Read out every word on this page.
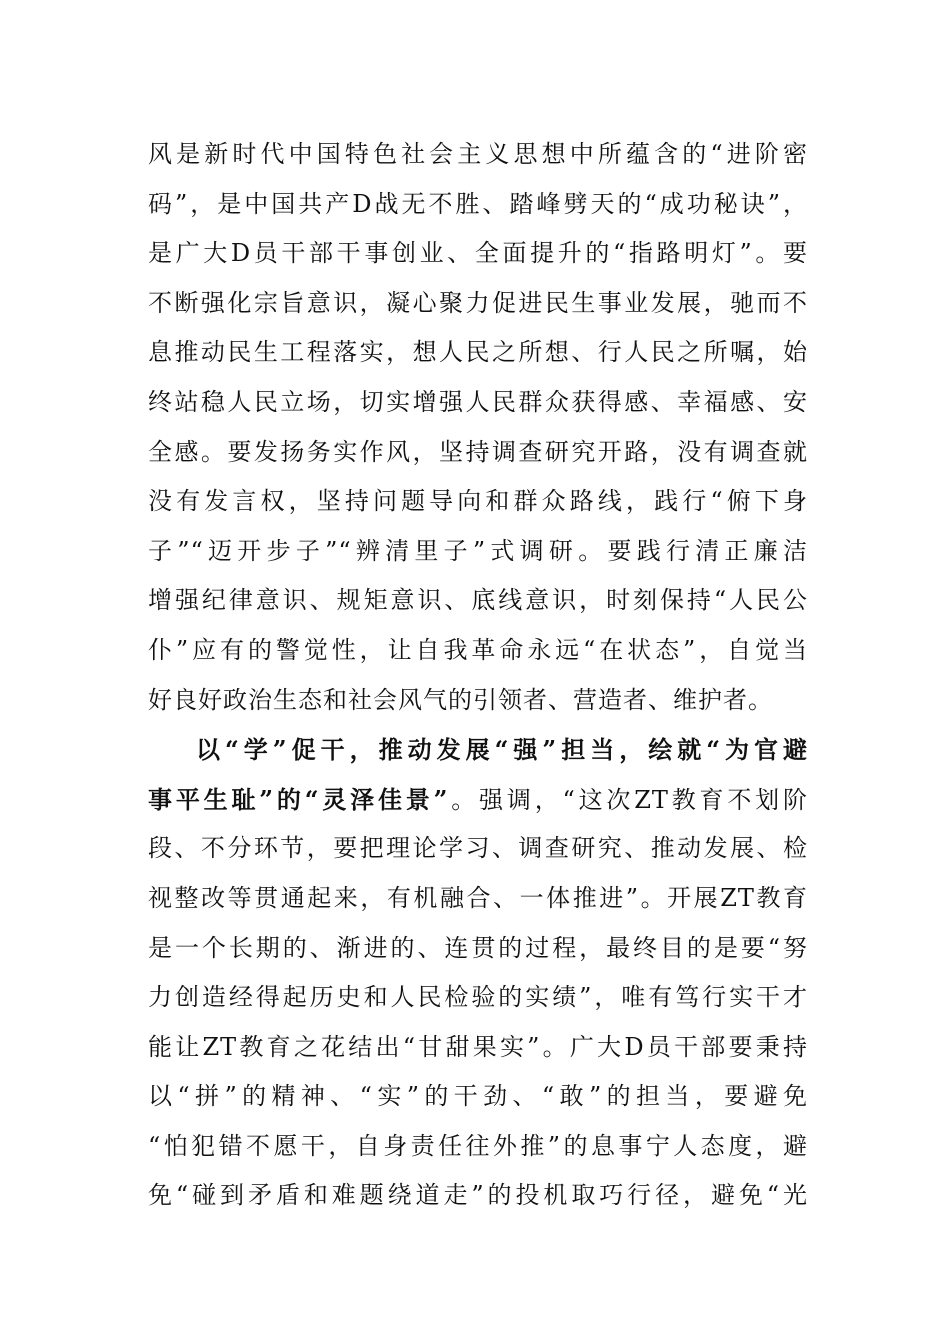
风是新时代中国特色社会主义思想中所蕴含的“进阶密
码”，是中国共产D战无不胜、踏峰劈天的“成功秘诀”，
是广大D员干部干事创业、全面提升的“指路明灯”。要
不断强化宗旨意识，凝心聚力促进民生事业发展，驰而不
息推动民生工程落实，想人民之所想、行人民之所嘱，始
终站稳人民立场，切实增强人民群众获得感、幸福感、安
全感。要发扬务实作风，坚持调查研究开路，没有调查就
没有发言权，坚持问题导向和群众路线，践行“俯下身
子”“迈开步子”“辨清里子”式调研。要践行清正廉洁
增强纪律意识、规矩意识、底线意识，时刻保持“人民公
仆”应有的警觉性，让自我革命永远“在状态”，自觉当
好良好政治生态和社会风气的引领者、营造者、维护者。
以“学”促干，推动发展“强”担当，绘就“为官避
事平生耻”的“灵泽佳景”。强调，“这次ZT教育不划阶
段、不分环节，要把理论学习、调查研究、推动发展、检
视整改等贯通起来，有机融合、一体推进”。开展ZT教育
是一个长期的、渐进的、连贯的过程，最终目的是要“努
力创造经得起历史和人民检验的实绩”，唯有笃行实干才
能让ZT教育之花结出“甘甜果实”。广大D员干部要秉持
以“拼”的精神、“实”的干劲、“敢”的担当，要避免
“怕犯错不愿干，自身责任往外推”的息事宁人态度，避
免“碰到矛盾和难题绕道走”的投机取巧行径，避免“光
